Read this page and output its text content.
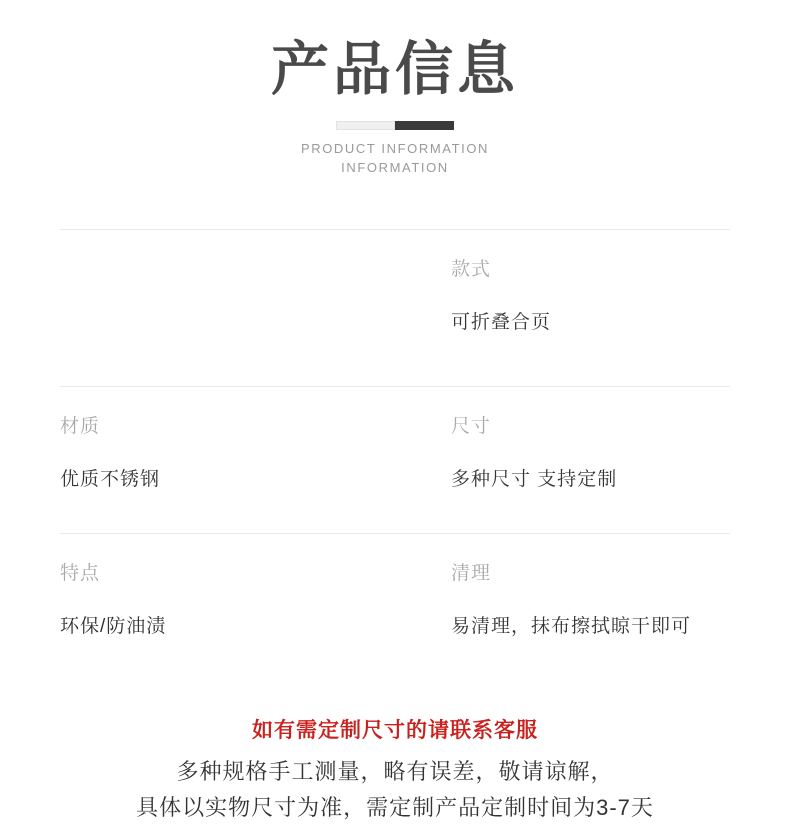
产品信息

PRODUCT INFORMATION

INFORMATION

款式

可折叠合页

材质

优质不锈钢

尺寸

多种尺寸 支持定制

特点

环保/防油渍

清理

易清理，抹布擦拭晾干即可

如有需定制尺寸的请联系客服

多种规格手工测量，略有误差，敬请谅解，

具体以实物尺寸为准，需定制产品定制时间为3-7天
